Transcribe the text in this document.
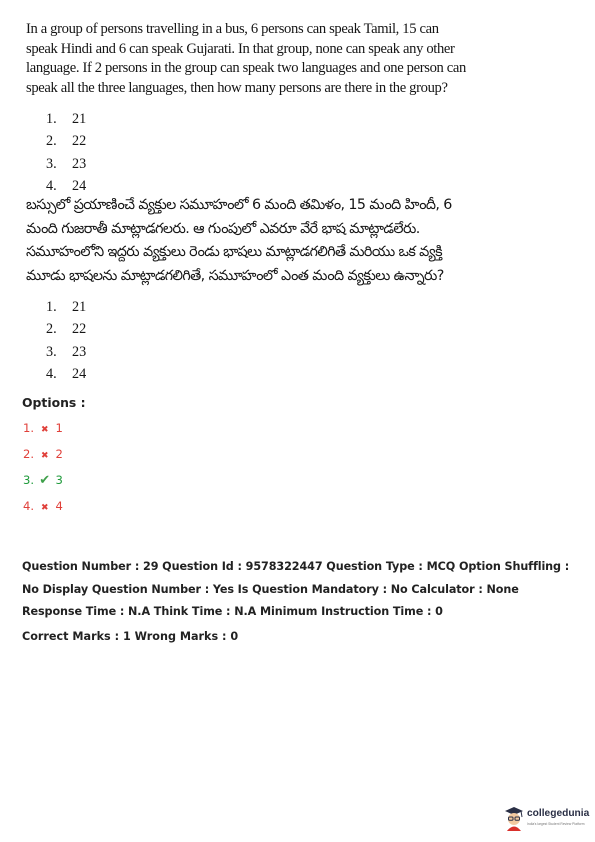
In a group of persons travelling in a bus, 6 persons can speak Tamil, 15 can speak Hindi and 6 can speak Gujarati. In that group, none can speak any other language. If 2 persons in the group can speak two languages and one person can speak all the three languages, then how many persons are there in the group?
1. 21
2. 22
3. 23
4. 24
బస్సులో ప్రయాణించే వ్యక్తుల సమూహంలో 6 మంది తమిళం, 15 మంది హిందీ, 6 మంది గుజరాతీ మాట్లాడగలరు. ఆ గుంపులో ఎవరూ వేరే భాష మాట్లాడలేరు. సమూహంలోని ఇద్దరు వ్యక్తులు రెండు భాషలు మాట్లాడగలిగితే మరియు ఒక వ్యక్తి మూడు భాషలను మాట్లాడగలిగితే, సమూహంలో ఎంత మంది వ్యక్తులు ఉన్నారు?
1. 21
2. 22
3. 23
4. 24
Options :
1. ✖ 1
2. ✖ 2
3. ✔ 3
4. ✖ 4
Question Number : 29 Question Id : 9578322447 Question Type : MCQ Option Shuffling : No Display Question Number : Yes Is Question Mandatory : No Calculator : None Response Time : N.A Think Time : N.A Minimum Instruction Time : 0
Correct Marks : 1 Wrong Marks : 0
collegedunia
India's largest Student Review Platform
